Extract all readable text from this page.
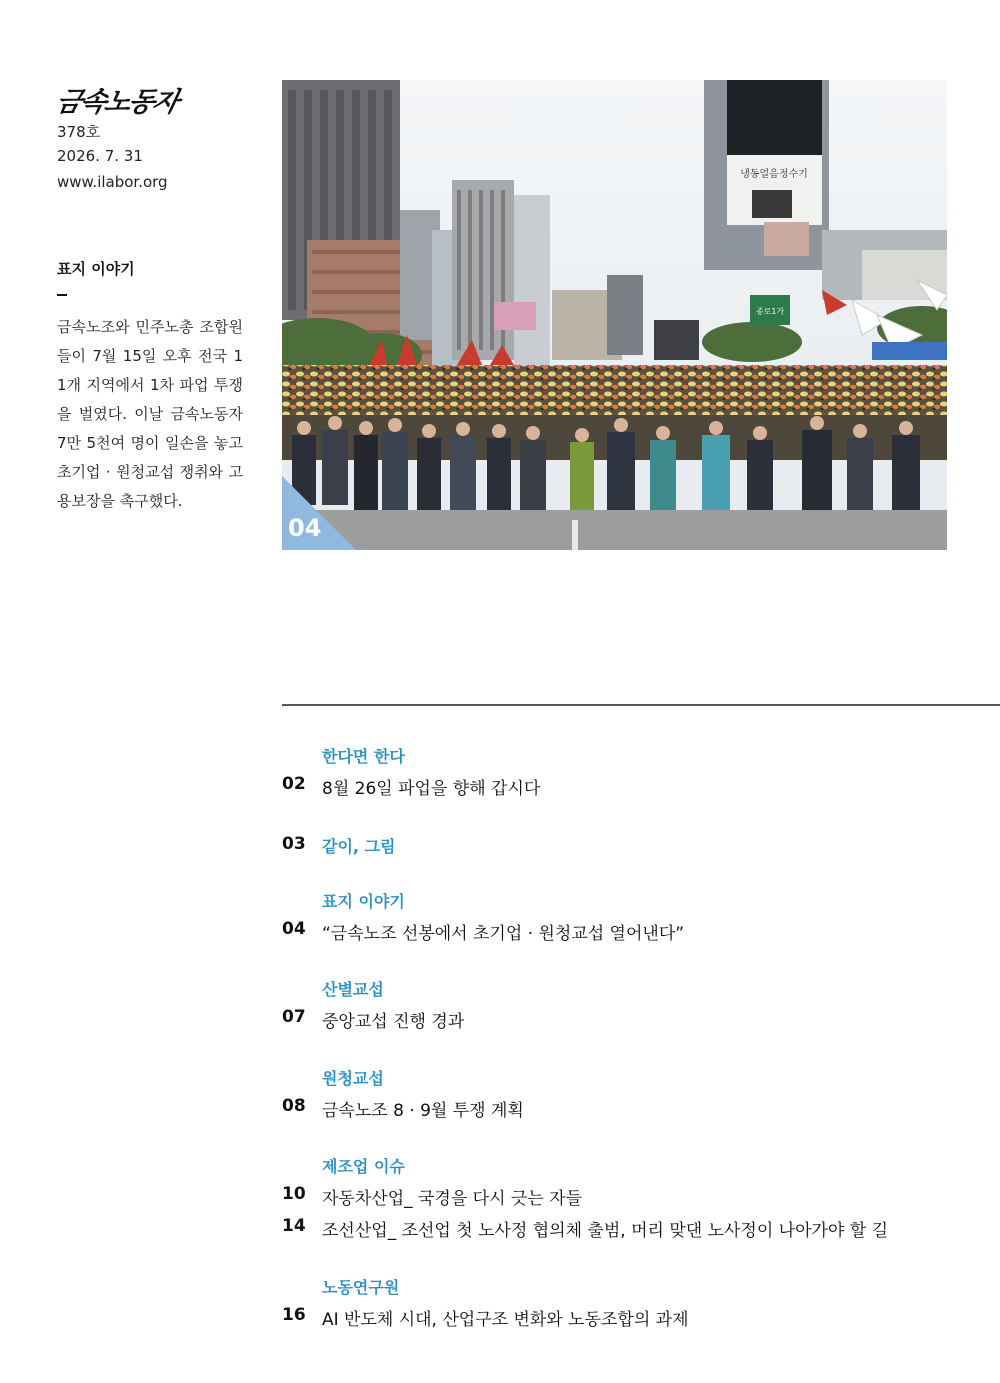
금속노동자
378호
2026. 7. 31
www.ilabor.org
표지 이야기
금속노조와 민주노총 조합원들이 7월 15일 오후 전국 11개 지역에서 1차 파업 투쟁을 벌였다. 이날 금속노동자 7만 5천여 명이 일손을 놓고 초기업 · 원청교섭 쟁취와 고용보장을 촉구했다.
냉동얼음정수기
종로1가
04
한다면 한다
02 8월 26일 파업을 향해 갑시다
03 같이, 그림
표지 이야기
04 “금속노조 선봉에서 초기업 · 원청교섭 열어낸다”
산별교섭
07 중앙교섭 진행 경과
원청교섭
08 금속노조 8 · 9월 투쟁 계획
제조업 이슈
10 자동차산업_ 국경을 다시 긋는 자들
14 조선산업_ 조선업 첫 노사정 협의체 출범, 머리 맞댄 노사정이 나아가야 할 길
노동연구원
16 AI 반도체 시대, 산업구조 변화와 노동조합의 과제
